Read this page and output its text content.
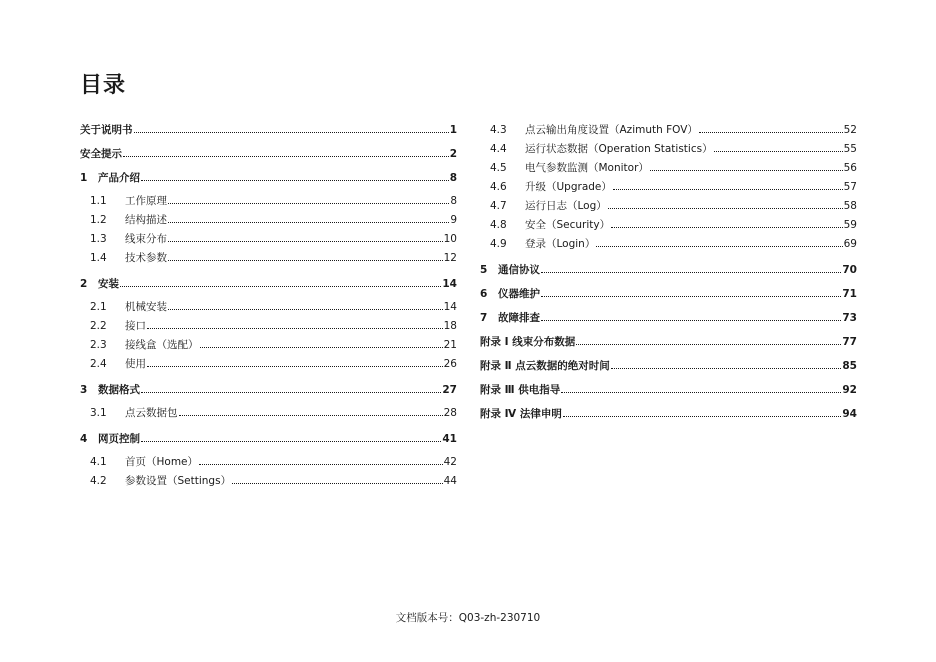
目录
关于说明书	1
安全提示	2
1	产品介绍	8
1.1	工作原理	8
1.2	结构描述	9
1.3	线束分布	10
1.4	技术参数	12
2	安装	14
2.1	机械安装	14
2.2	接口	18
2.3	接线盒（选配）	21
2.4	使用	26
3	数据格式	27
3.1	点云数据包	28
4	网页控制	41
4.1	首页（Home）	42
4.2	参数设置（Settings）	44
4.3	点云输出角度设置（Azimuth FOV）	52
4.4	运行状态数据（Operation Statistics）	55
4.5	电气参数监测（Monitor）	56
4.6	升级（Upgrade）	57
4.7	运行日志（Log）	58
4.8	安全（Security）	59
4.9	登录（Login）	69
5	通信协议	70
6	仪器维护	71
7	故障排查	73
附录 Ⅰ 线束分布数据	77
附录 Ⅱ 点云数据的绝对时间	85
附录 Ⅲ 供电指导	92
附录 Ⅳ 法律申明	94
文档版本号：Q03-zh-230710
